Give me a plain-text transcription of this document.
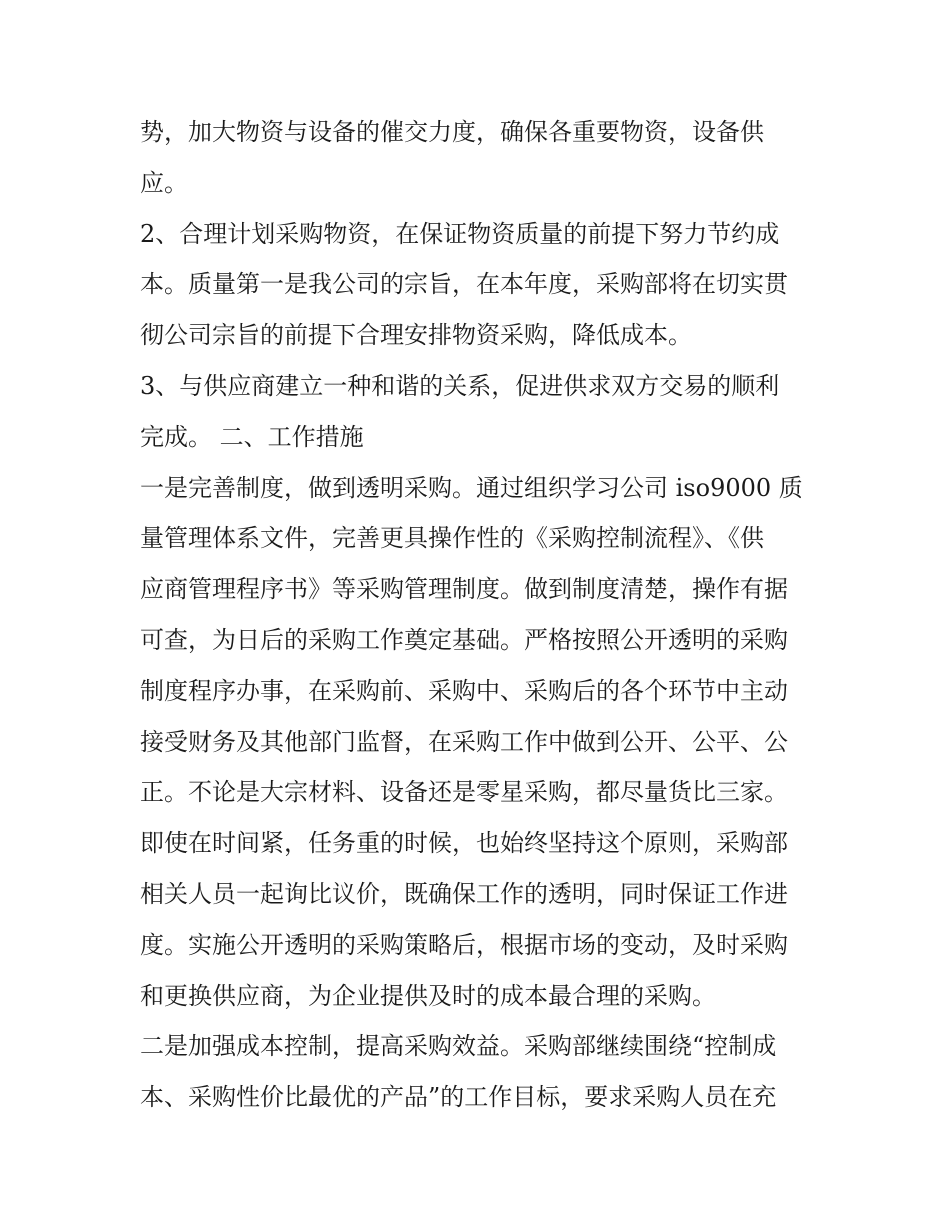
势，加大物资与设备的催交力度，确保各重要物资，设备供
应。
2、合理计划采购物资，在保证物资质量的前提下努力节约成
本。质量第一是我公司的宗旨，在本年度，采购部将在切实贯
彻公司宗旨的前提下合理安排物资采购，降低成本。
3、与供应商建立一种和谐的关系，促进供求双方交易的顺利
完成。 二、工作措施
一是完善制度，做到透明采购。通过组织学习公司 iso9000 质
量管理体系文件，完善更具操作性的《采购控制流程》、《供
应商管理程序书》等采购管理制度。做到制度清楚，操作有据
可查，为日后的采购工作奠定基础。严格按照公开透明的采购
制度程序办事，在采购前、采购中、采购后的各个环节中主动
接受财务及其他部门监督，在采购工作中做到公开、公平、公
正。不论是大宗材料、设备还是零星采购，都尽量货比三家。
即使在时间紧，任务重的时候，也始终坚持这个原则，采购部
相关人员一起询比议价，既确保工作的透明，同时保证工作进
度。实施公开透明的采购策略后，根据市场的变动，及时采购
和更换供应商，为企业提供及时的成本最合理的采购。
二是加强成本控制，提高采购效益。采购部继续围绕“控制成
本、采购性价比最优的产品”的工作目标，要求采购人员在充
